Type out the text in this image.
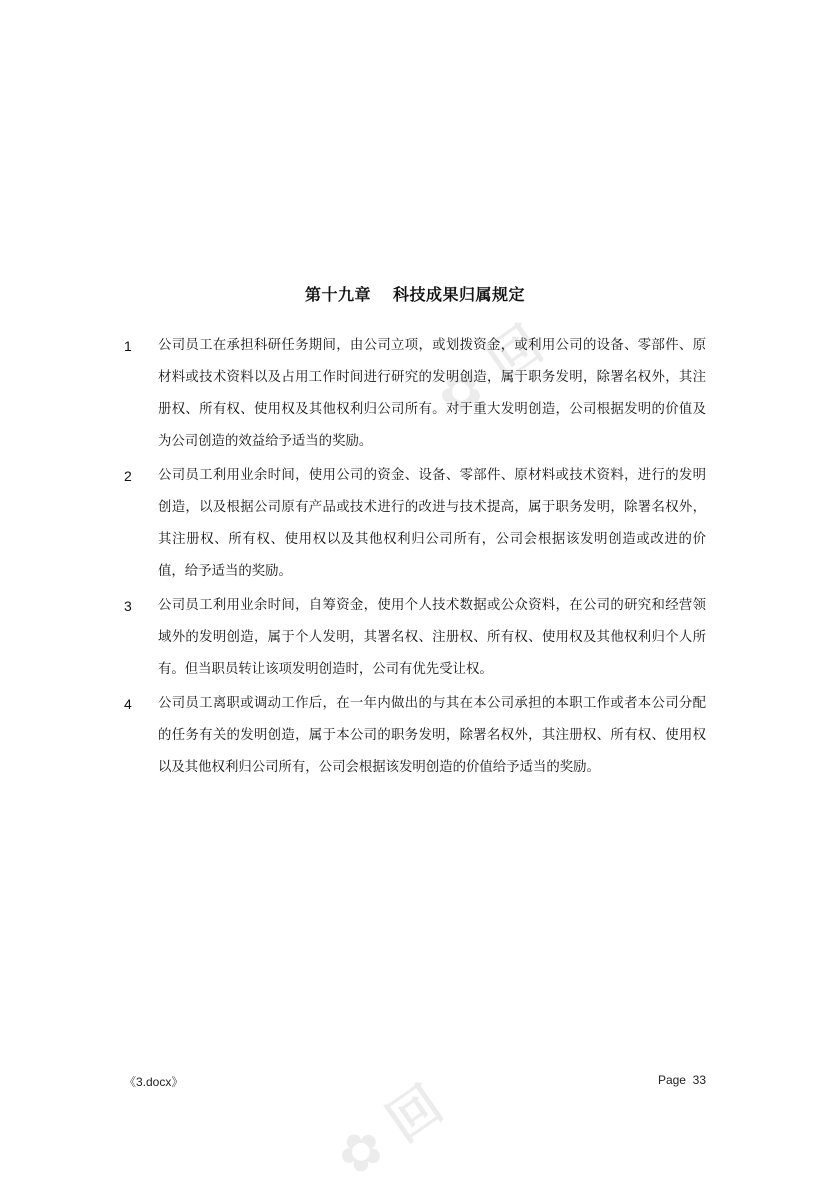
✿ 回
✿ 回
第十九章 科技成果归属规定
1	公司员工在承担科研任务期间，由公司立项，或划拨资金，或利用公司的设备、零部件、原材料或技术资料以及占用工作时间进行研究的发明创造，属于职务发明，除署名权外，其注册权、所有权、使用权及其他权利归公司所有。对于重大发明创造，公司根据发明的价值及为公司创造的效益给予适当的奖励。

2	公司员工利用业余时间，使用公司的资金、设备、零部件、原材料或技术资料，进行的发明创造，以及根据公司原有产品或技术进行的改进与技术提高，属于职务发明，除署名权外，其注册权、所有权、使用权以及其他权利归公司所有，公司会根据该发明创造或改进的价值，给予适当的奖励。

3	公司员工利用业余时间，自筹资金，使用个人技术数据或公众资料，在公司的研究和经营领域外的发明创造，属于个人发明，其署名权、注册权、所有权、使用权及其他权利归个人所有。但当职员转让该项发明创造时，公司有优先受让权。

4	公司员工离职或调动工作后，在一年内做出的与其在本公司承担的本职工作或者本公司分配的任务有关的发明创造，属于本公司的职务发明，除署名权外，其注册权、所有权、使用权以及其他权利归公司所有，公司会根据该发明创造的价值给予适当的奖励。

《3.docx》	Page 33
